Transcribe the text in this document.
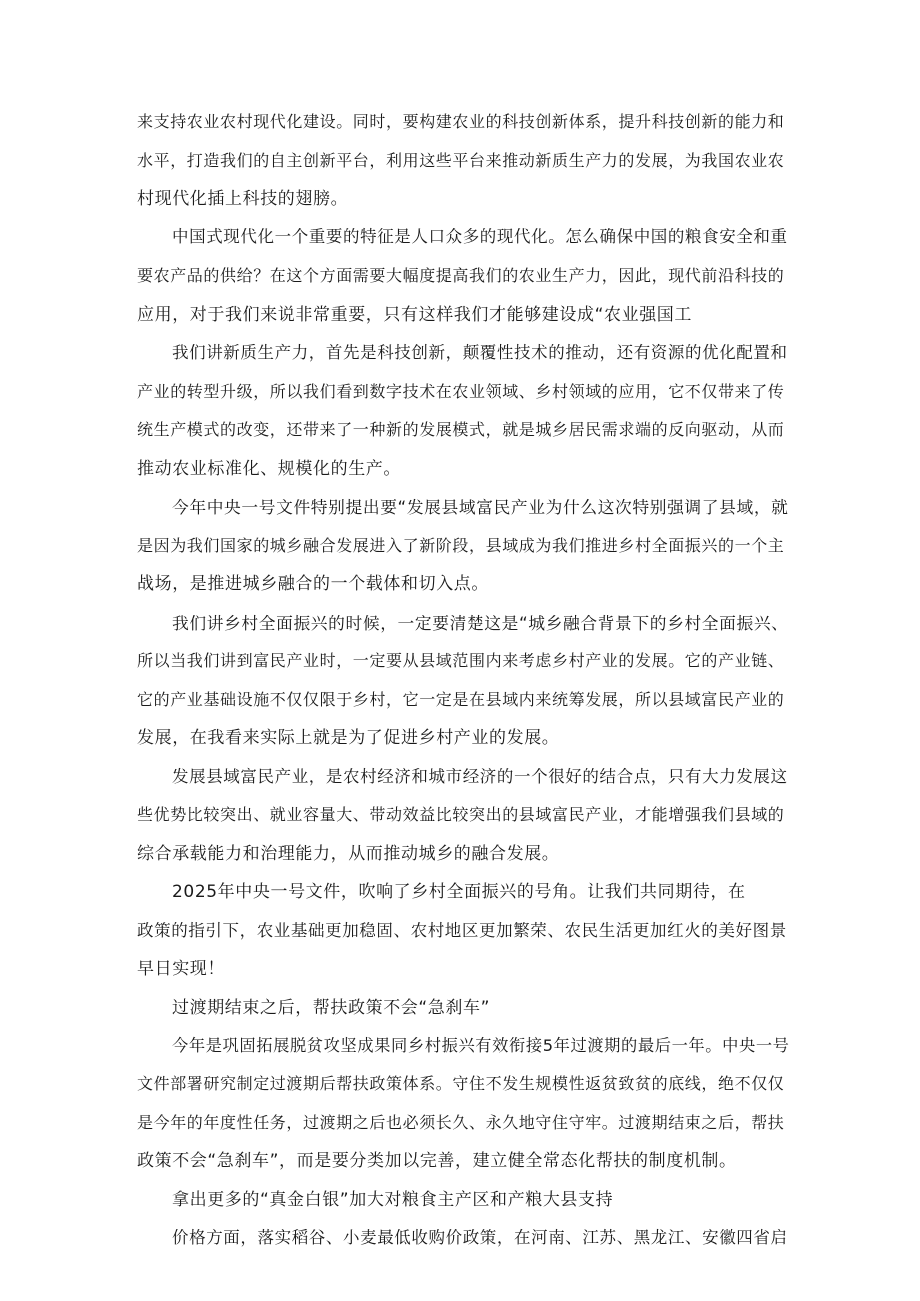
来支持农业农村现代化建设。同时，要构建农业的科技创新体系，提升科技创新的能力和
水平，打造我们的自主创新平台，利用这些平台来推动新质生产力的发展，为我国农业农
村现代化插上科技的翅膀。
中国式现代化一个重要的特征是人口众多的现代化。怎么确保中国的粮食安全和重
要农产品的供给？在这个方面需要大幅度提高我们的农业生产力，因此，现代前沿科技的
应用，对于我们来说非常重要，只有这样我们才能够建设成“农业强国工
我们讲新质生产力，首先是科技创新，颠覆性技术的推动，还有资源的优化配置和
产业的转型升级，所以我们看到数字技术在农业领域、乡村领域的应用，它不仅带来了传
统生产模式的改变，还带来了一种新的发展模式，就是城乡居民需求端的反向驱动，从而
推动农业标准化、规模化的生产。
今年中央一号文件特别提出要“发展县域富民产业为什么这次特别强调了县域，就
是因为我们国家的城乡融合发展进入了新阶段，县域成为我们推进乡村全面振兴的一个主
战场，是推进城乡融合的一个载体和切入点。
我们讲乡村全面振兴的时候，一定要清楚这是“城乡融合背景下的乡村全面振兴、
所以当我们讲到富民产业时，一定要从县域范围内来考虑乡村产业的发展。它的产业链、
它的产业基础设施不仅仅限于乡村，它一定是在县域内来统筹发展，所以县域富民产业的
发展，在我看来实际上就是为了促进乡村产业的发展。
发展县域富民产业，是农村经济和城市经济的一个很好的结合点，只有大力发展这
些优势比较突出、就业容量大、带动效益比较突出的县域富民产业，才能增强我们县域的
综合承载能力和治理能力，从而推动城乡的融合发展。
2025年中央一号文件，吹响了乡村全面振兴的号角。让我们共同期待，在
政策的指引下，农业基础更加稳固、农村地区更加繁荣、农民生活更加红火的美好图景
早日实现！
过渡期结束之后，帮扶政策不会“急刹车”
今年是巩固拓展脱贫攻坚成果同乡村振兴有效衔接5年过渡期的最后一年。中央一号
文件部署研究制定过渡期后帮扶政策体系。守住不发生规模性返贫致贫的底线，绝不仅仅
是今年的年度性任务，过渡期之后也必须长久、永久地守住守牢。过渡期结束之后，帮扶
政策不会“急刹车”，而是要分类加以完善，建立健全常态化帮扶的制度机制。
拿出更多的“真金白银”加大对粮食主产区和产粮大县支持
价格方面，落实稻谷、小麦最低收购价政策，在河南、江苏、黑龙江、安徽四省启
